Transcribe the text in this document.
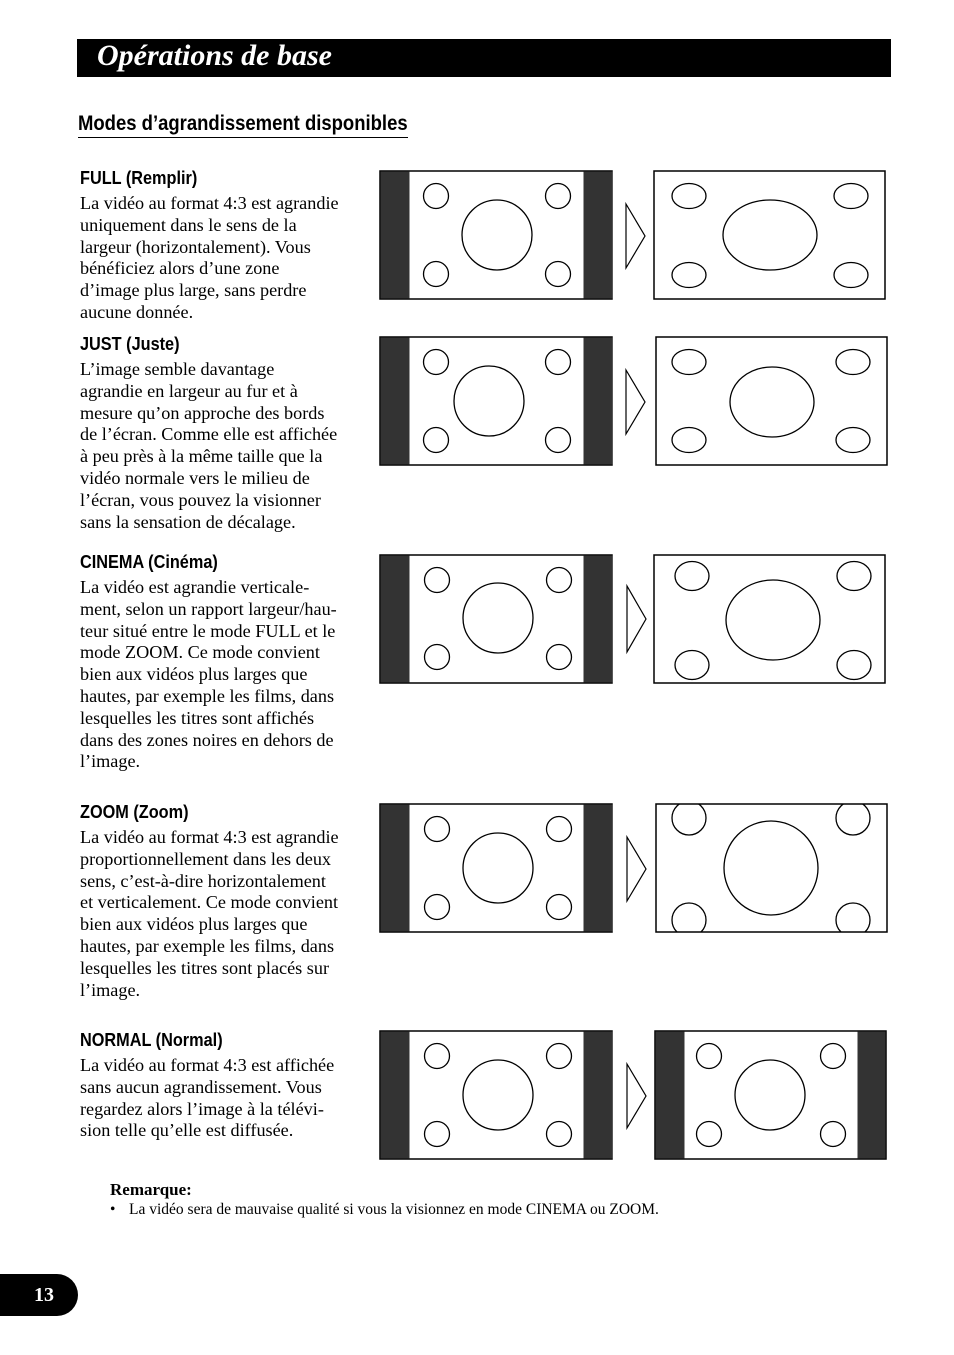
Opérations de base
Modes d’agrandissement disponibles
FULL (Remplir)

La vidéo au format 4:3 est agrandie
uniquement dans le sens de la
largeur (horizontalement). Vous
bénéficiez alors d’une zone
d’image plus large, sans perdre
aucune donnée.

JUST (Juste)

L’image semble davantage
agrandie en largeur au fur et à
mesure qu’on approche des bords
de l’écran. Comme elle est affichée
à peu près à la même taille que la
vidéo normale vers le milieu de
l’écran, vous pouvez la visionner
sans la sensation de décalage.

CINEMA (Cinéma)

La vidéo est agrandie verticale-
ment, selon un rapport largeur/hau-
teur situé entre le mode FULL et le
mode ZOOM. Ce mode convient
bien aux vidéos plus larges que
hautes, par exemple les films, dans
lesquelles les titres sont affichés
dans des zones noires en dehors de
l’image.

ZOOM (Zoom)

La vidéo au format 4:3 est agrandie
proportionnellement dans les deux
sens, c’est-à-dire horizontalement
et verticalement. Ce mode convient
bien aux vidéos plus larges que
hautes, par exemple les films, dans
lesquelles les titres sont placés sur
l’image.

NORMAL (Normal)

La vidéo au format 4:3 est affichée
sans aucun agrandissement. Vous
regardez alors l’image à la télévi-
sion telle qu’elle est diffusée.

Remarque:

• La vidéo sera de mauvaise qualité si vous la visionnez en mode CINEMA ou ZOOM.

13
